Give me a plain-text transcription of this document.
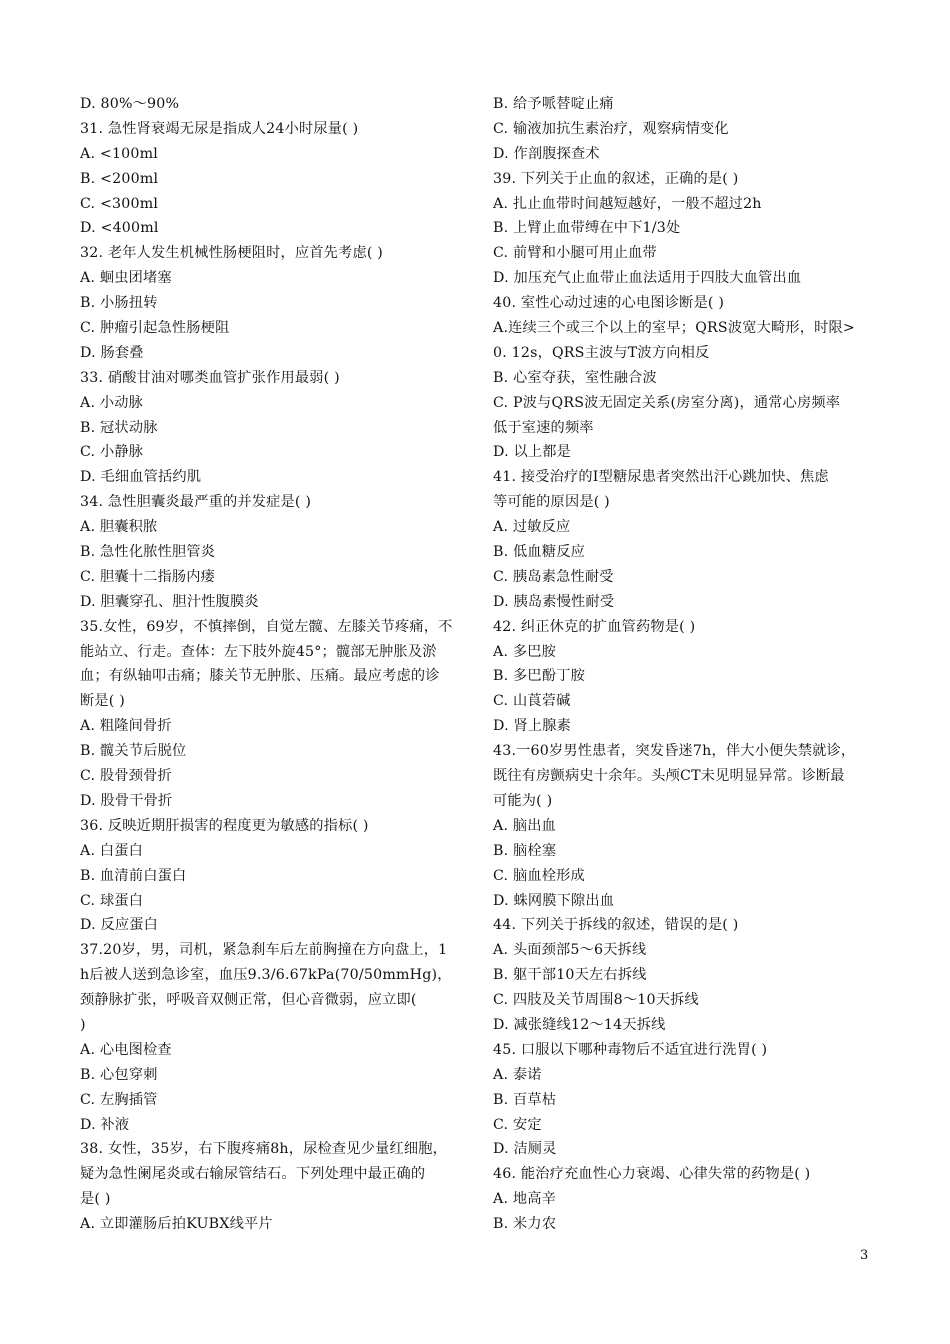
D. 80%～90%
31. 急性肾衰竭无尿是指成人24小时尿量( )
A. <100ml
B. <200ml
C. <300ml
D. <400ml
32. 老年人发生机械性肠梗阻时，应首先考虑( )
A. 蛔虫团堵塞
B. 小肠扭转
C. 肿瘤引起急性肠梗阻
D. 肠套叠
33. 硝酸甘油对哪类血管扩张作用最弱( )
A. 小动脉
B. 冠状动脉
C. 小静脉
D. 毛细血管括约肌
34. 急性胆囊炎最严重的并发症是( )
A. 胆囊积脓
B. 急性化脓性胆管炎
C. 胆囊十二指肠内瘘
D. 胆囊穿孔、胆汁性腹膜炎
35.女性，69岁，不慎摔倒，自觉左髋、左膝关节疼痛，不
能站立、行走。查体：左下肢外旋45°；髋部无肿胀及淤
血；有纵轴叩击痛；膝关节无肿胀、压痛。最应考虑的诊
断是( )
A. 粗隆间骨折
B. 髋关节后脱位
C. 股骨颈骨折
D. 股骨干骨折
36. 反映近期肝损害的程度更为敏感的指标( )
A. 白蛋白
B. 血清前白蛋白
C. 球蛋白
D. 反应蛋白
37.20岁，男，司机，紧急刹车后左前胸撞在方向盘上，1
h后被人送到急诊室，血压9.3/6.67kPa(70/50mmHg)，
颈静脉扩张，呼吸音双侧正常，但心音微弱，应立即(
)
A. 心电图检查
B. 心包穿刺
C. 左胸插管
D. 补液
38. 女性，35岁，右下腹疼痛8h，尿检查见少量红细胞，
疑为急性阑尾炎或右输尿管结石。下列处理中最正确的
是( )
A. 立即灌肠后拍KUBX线平片
B. 给予哌替啶止痛
C. 输液加抗生素治疗，观察病情变化
D. 作剖腹探查术
39. 下列关于止血的叙述，正确的是( )
A. 扎止血带时间越短越好，一般不超过2h
B. 上臂止血带缚在中下1/3处
C. 前臂和小腿可用止血带
D. 加压充气止血带止血法适用于四肢大血管出血
40. 室性心动过速的心电图诊断是( )
A.连续三个或三个以上的室早；QRS波宽大畸形，时限>
0. 12s，QRS主波与T波方向相反
B. 心室夺获，室性融合波
C. P波与QRS波无固定关系(房室分离)，通常心房频率
低于室速的频率
D. 以上都是
41. 接受治疗的Ⅰ型糖尿患者突然出汗心跳加快、焦虑
等可能的原因是( )
A. 过敏反应
B. 低血糖反应
C. 胰岛素急性耐受
D. 胰岛素慢性耐受
42. 纠正休克的扩血管药物是( )
A. 多巴胺
B. 多巴酚丁胺
C. 山莨菪碱
D. 肾上腺素
43.一60岁男性患者，突发昏迷7h，伴大小便失禁就诊，
既往有房颤病史十余年。头颅CT未见明显异常。诊断最
可能为( )
A. 脑出血
B. 脑栓塞
C. 脑血栓形成
D. 蛛网膜下隙出血
44. 下列关于拆线的叙述，错误的是( )
A. 头面颈部5～6天拆线
B. 躯干部10天左右拆线
C. 四肢及关节周围8～10天拆线
D. 减张缝线12～14天拆线
45. 口服以下哪种毒物后不适宜进行洗胃( )
A. 泰诺
B. 百草枯
C. 安定
D. 洁厕灵
46. 能治疗充血性心力衰竭、心律失常的药物是( )
A. 地高辛
B. 米力农
3
